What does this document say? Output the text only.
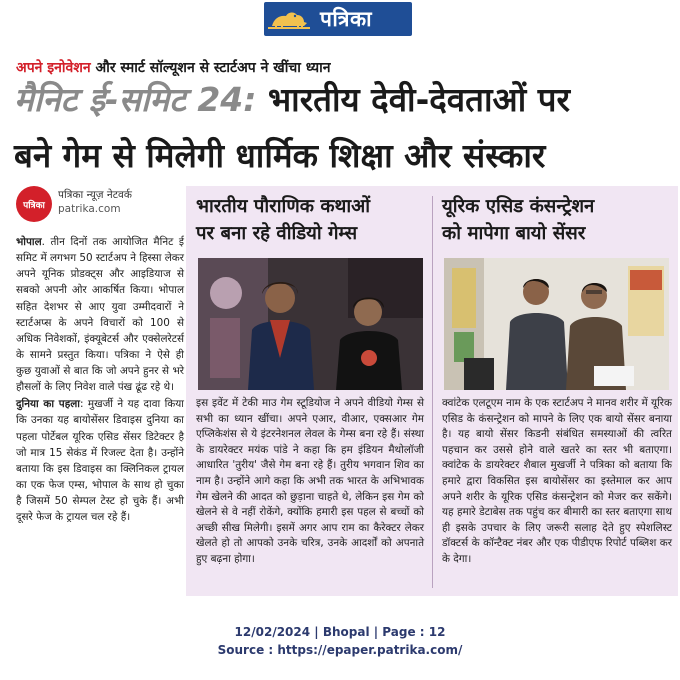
पत्रिका
अपने इनोवेशन और स्मार्ट सॉल्यूशन से स्टार्टअप ने खींचा ध्यान
मैनिट ई-समिट 24: भारतीय देवी-देवताओं पर
बने गेम से मिलेगी धार्मिक शिक्षा और संस्कार
पत्रिका
पत्रिका न्यूज़ नेटवर्क
patrika.com

भोपाल. तीन दिनों तक आयोजित मैनिट ई समिट में लगभग 50 स्टार्टअप ने हिस्सा लेकर अपने यूनिक प्रोडक्ट्स और आइडियाज से सबको अपनी ओर आकर्षित किया। भोपाल सहित देशभर से आए युवा उम्मीदवारों ने स्टार्टअप्स के अपने विचारों को 100 से अधिक निवेशकों, इंक्यूबेटर्स और एक्सेलरेटर्स के सामने प्रस्तुत किया। पत्रिका ने ऐसे ही कुछ युवाओं से बात कि जो अपने हुनर से भरे हौसलों के लिए निवेश वाले पंख ढूंढ रहे थे।

दुनिया का पहला: मुखर्जी ने यह दावा किया कि उनका यह बायोसेंसर डिवाइस दुनिया का पहला पोर्टेबल यूरिक एसिड सेंसर डिटेक्टर है जो मात्र 15 सेकंड में रिजल्ट देता है। उन्होंने बताया कि इस डिवाइस का क्लिनिकल ट्रायल का एक फेज एम्स, भोपाल के साथ हो चुका है जिसमें 50 सेम्पल टेस्ट हो चुके हैं। अभी दूसरे फेज के ट्रायल चल रहे हैं।

भारतीय पौराणिक कथाओं
पर बना रहे वीडियो गेम्स
इस इवेंट में टेकी माउ गेम स्टूडियोज ने अपने वीडियो गेम्स से सभी का ध्यान खींचा। अपने एआर, वीआर, एक्सआर गेम एप्लिकेशंस से ये इंटरनेशनल लेवल के गेम्स बना रहे हैं। संस्था के डायरेक्टर मयंक पांडे ने कहा कि हम इंडियन मैथोलॉजी आधारित 'तुरीय' जैसे गेम बना रहे हैं। तुरीय भगवान शिव का नाम है। उन्होंने आगे कहा कि अभी तक भारत के अभिभावक गेम खेलने की आदत को छुड़ाना चाहते थे, लेकिन इस गेम को खेलने से वे नहीं रोकेंगे, क्योंकि हमारी इस पहल से बच्चों को अच्छी सीख मिलेगी। इसमें अगर आप राम का कैरेक्टर लेकर खेलते हो तो आपको उनके चरित्र, उनके आदर्शों को अपनाते हुए बढ़ना होगा।
यूरिक एसिड कंसन्ट्रेशन
को मापेगा बायो सेंसर
क्वांटेक एलटूएम नाम के एक स्टार्टअप ने मानव शरीर में यूरिक एसिड के कंसन्ट्रेशन को मापने के लिए एक बायो सेंसर बनाया है। यह बायो सेंसर किडनी संबंधित समस्याओं की त्वरित पहचान कर उससे होने वाले खतरे का स्तर भी बताएगा। क्वांटेक के डायरेक्टर शैबाल मुखर्जी ने पत्रिका को बताया कि हमारे द्वारा विकसित इस बायोसेंसर का इस्तेमाल कर आप अपने शरीर के यूरिक एसिड कंसन्ट्रेशन को मेजर कर सकेंगे। यह हमारे डेटाबेस तक पहुंच कर बीमारी का स्तर बताएगा साथ ही इसके उपचार के लिए जरूरी सलाह देते हुए स्पेशलिस्ट डॉक्टर्स के कॉन्टैक्ट नंबर और एक पीडीएफ रिपोर्ट पब्लिश कर के देगा।
12/02/2024 | Bhopal | Page : 12
Source : https://epaper.patrika.com/
